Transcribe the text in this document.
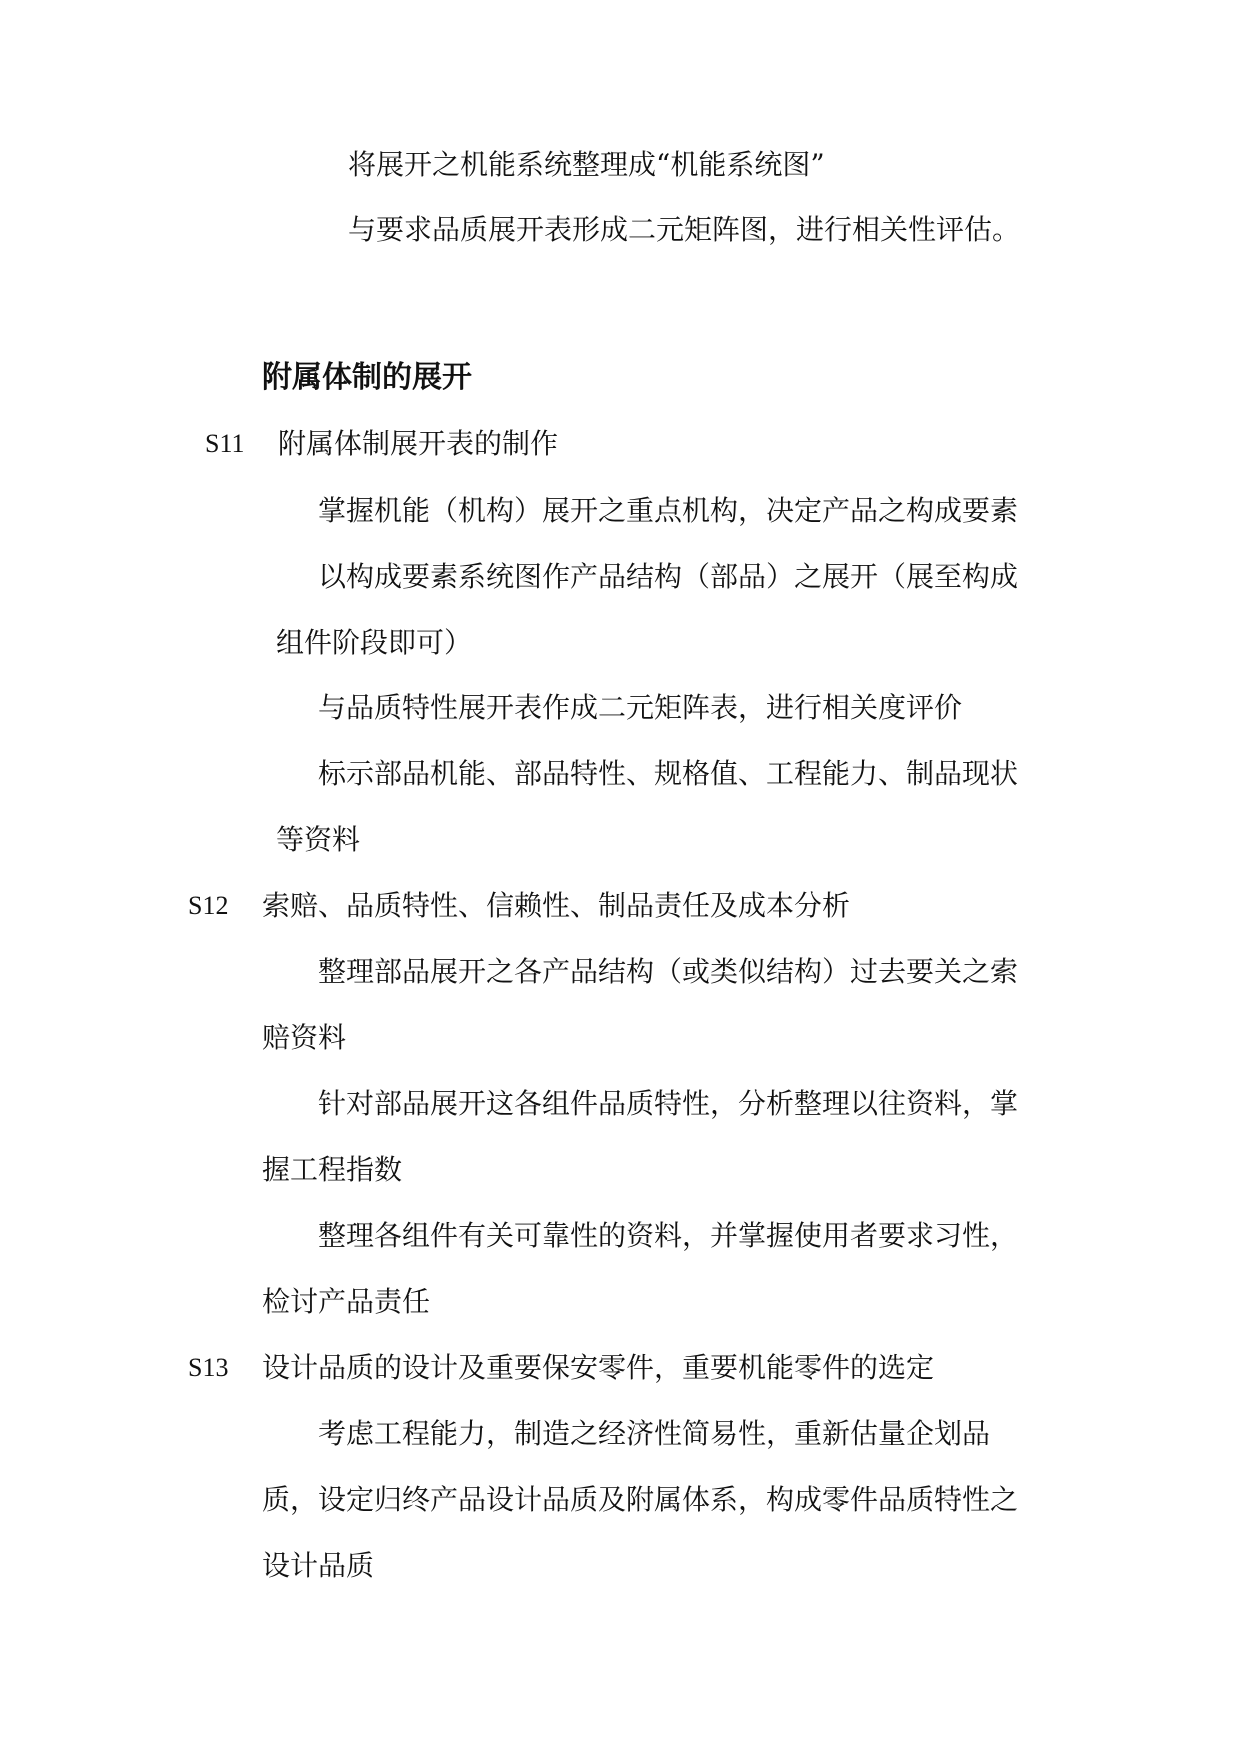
将展开之机能系统整理成“机能系统图”
与要求品质展开表形成二元矩阵图，进行相关性评估。
附属体制的展开
S11 附属体制展开表的制作
掌握机能（机构）展开之重点机构，决定产品之构成要素
以构成要素系统图作产品结构（部品）之展开（展至构成
组件阶段即可）
与品质特性展开表作成二元矩阵表，进行相关度评价
标示部品机能、部品特性、规格值、工程能力、制品现状
等资料
S12 索赔、品质特性、信赖性、制品责任及成本分析
整理部品展开之各产品结构（或类似结构）过去要关之索
赔资料
针对部品展开这各组件品质特性，分析整理以往资料，掌
握工程指数
整理各组件有关可靠性的资料，并掌握使用者要求习性，
检讨产品责任
S13 设计品质的设计及重要保安零件，重要机能零件的选定
考虑工程能力，制造之经济性简易性，重新估量企划品
质，设定归终产品设计品质及附属体系，构成零件品质特性之
设计品质
